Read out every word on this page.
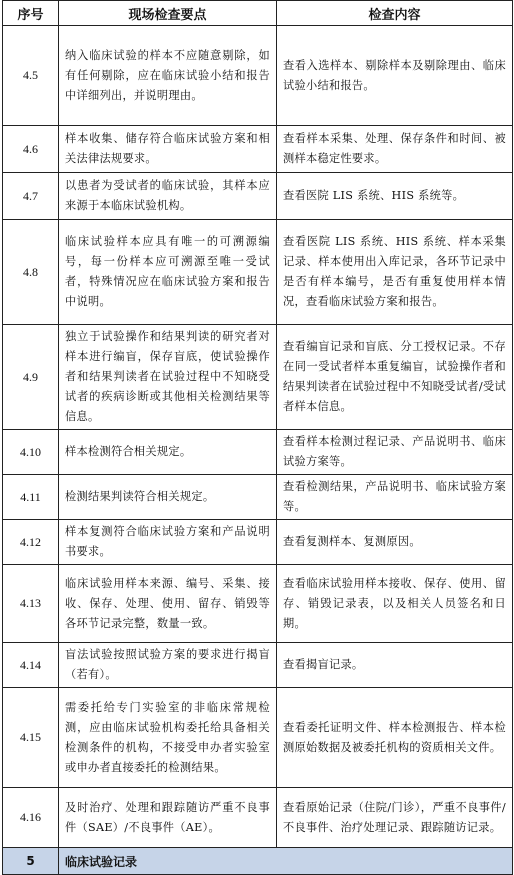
序号	现场检查要点	检查内容
4.5	纳入临床试验的样本不应随意剔除，如有任何剔除，应在临床试验小结和报告中详细列出，并说明理由。	查看入选样本、剔除样本及剔除理由、临床试验小结和报告。
4.6	样本收集、储存符合临床试验方案和相关法律法规要求。	查看样本采集、处理、保存条件和时间、被测样本稳定性要求。
4.7	以患者为受试者的临床试验，其样本应来源于本临床试验机构。	查看医院 LIS 系统、HIS 系统等。
4.8	临床试验样本应具有唯一的可溯源编号，每一份样本应可溯源至唯一受试者，特殊情况应在临床试验方案和报告中说明。	查看医院 LIS 系统、HIS 系统、样本采集记录、样本使用出入库记录，各环节记录中是否有样本编号，是否有重复使用样本情况，查看临床试验方案和报告。
4.9	独立于试验操作和结果判读的研究者对样本进行编盲，保存盲底，使试验操作者和结果判读者在试验过程中不知晓受试者的疾病诊断或其他相关检测结果等信息。	查看编盲记录和盲底、分工授权记录。不存在同一受试者样本重复编盲，试验操作者和结果判读者在试验过程中不知晓受试者/受试者样本信息。
4.10	样本检测符合相关规定。	查看样本检测过程记录、产品说明书、临床试验方案等。
4.11	检测结果判读符合相关规定。	查看检测结果，产品说明书、临床试验方案等。
4.12	样本复测符合临床试验方案和产品说明书要求。	查看复测样本、复测原因。
4.13	临床试验用样本来源、编号、采集、接收、保存、处理、使用、留存、销毁等各环节记录完整，数量一致。	查看临床试验用样本接收、保存、使用、留存、销毁记录表，以及相关人员签名和日期。
4.14	盲法试验按照试验方案的要求进行揭盲（若有）。	查看揭盲记录。
4.15	需委托给专门实验室的非临床常规检测，应由临床试验机构委托给具备相关检测条件的机构，不接受申办者实验室或申办者直接委托的检测结果。	查看委托证明文件、样本检测报告、样本检测原始数据及被委托机构的资质相关文件。
4.16	及时治疗、处理和跟踪随访严重不良事件（SAE）/不良事件（AE）。	查看原始记录（住院/门诊），严重不良事件/不良事件、治疗处理记录、跟踪随访记录。
5	临床试验记录	
